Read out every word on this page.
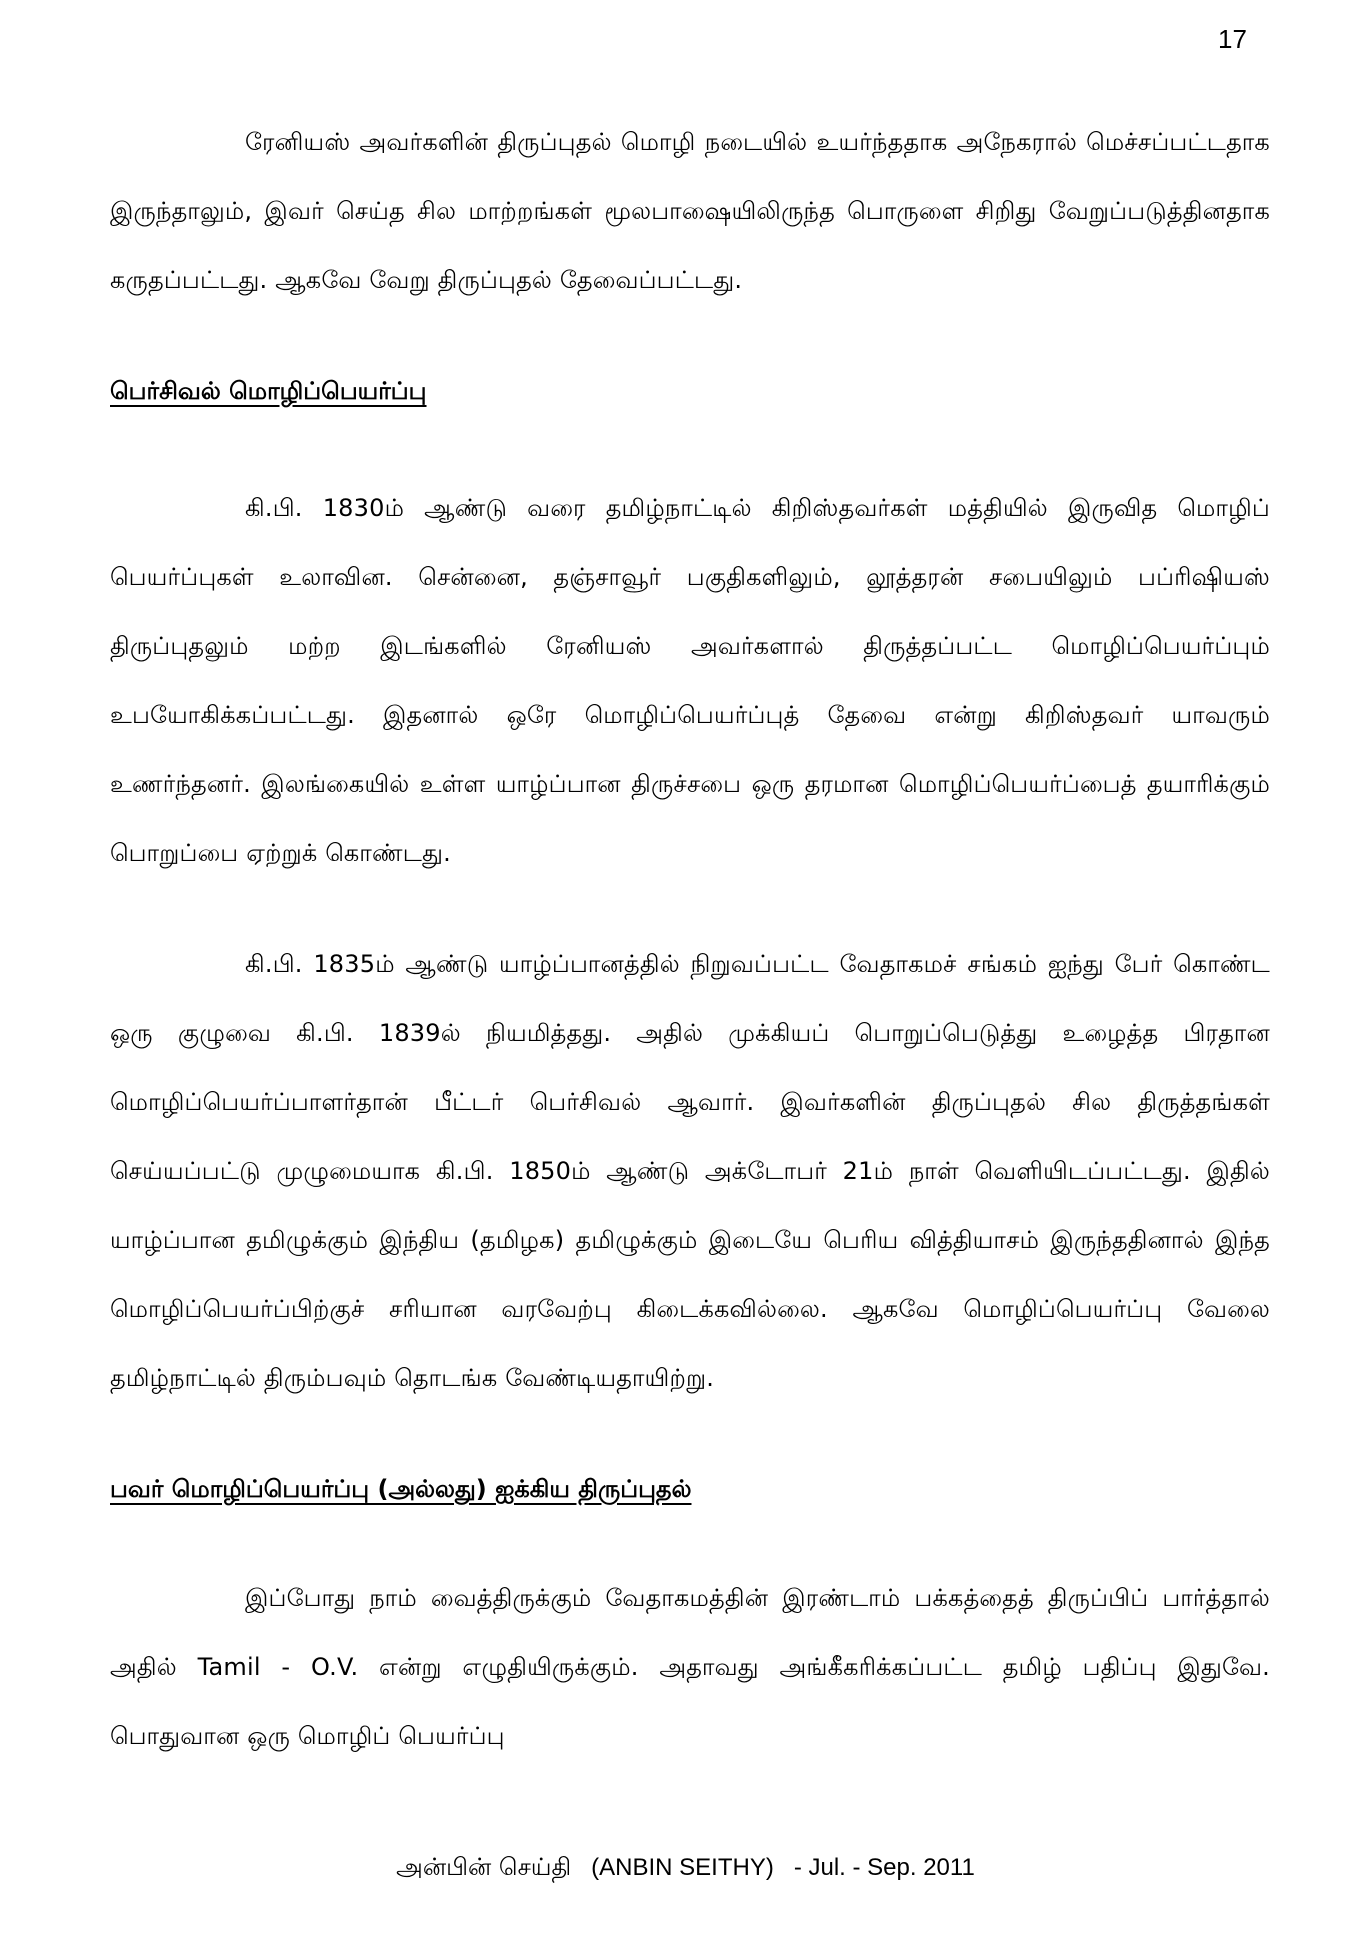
17

ரேனியஸ் அவர்களின் திருப்புதல் மொழி நடையில் உயர்ந்ததாக அநேகரால் மெச்சப்பட்டதாக இருந்தாலும், இவர் செய்த சில மாற்றங்கள் மூலபாஷையிலிருந்த பொருளை சிறிது வேறுப்படுத்தினதாக கருதப்பட்டது. ஆகவே வேறு திருப்புதல் தேவைப்பட்டது.

பெர்சிவல் மொழிப்பெயர்ப்பு

கி.பி. 1830ம் ஆண்டு வரை தமிழ்நாட்டில் கிறிஸ்தவர்கள் மத்தியில் இருவித மொழிப் பெயர்ப்புகள் உலாவின. சென்னை, தஞ்சாவூர் பகுதிகளிலும், லூத்தரன் சபையிலும் பப்ரிஷியஸ் திருப்புதலும் மற்ற இடங்களில் ரேனியஸ் அவர்களால் திருத்தப்பட்ட மொழிப்பெயர்ப்பும் உபயோகிக்கப்பட்டது. இதனால் ஒரே மொழிப்பெயர்ப்புத் தேவை என்று கிறிஸ்தவர் யாவரும் உணர்ந்தனர். இலங்கையில் உள்ள யாழ்ப்பான திருச்சபை ஒரு தரமான மொழிப்பெயர்ப்பைத் தயாரிக்கும் பொறுப்பை ஏற்றுக் கொண்டது.

கி.பி. 1835ம் ஆண்டு யாழ்ப்பானத்தில் நிறுவப்பட்ட வேதாகமச் சங்கம் ஐந்து பேர் கொண்ட ஒரு குழுவை கி.பி. 1839ல் நியமித்தது. அதில் முக்கியப் பொறுப்பெடுத்து உழைத்த பிரதான மொழிப்பெயர்ப்பாளர்தான் பீட்டர் பெர்சிவல் ஆவார். இவர்களின் திருப்புதல் சில திருத்தங்கள் செய்யப்பட்டு முழுமையாக கி.பி. 1850ம் ஆண்டு அக்டோபர் 21ம் நாள் வெளியிடப்பட்டது. இதில் யாழ்ப்பான தமிழுக்கும் இந்திய (தமிழக) தமிழுக்கும் இடையே பெரிய வித்தியாசம் இருந்ததினால் இந்த மொழிப்பெயர்ப்பிற்குச் சரியான வரவேற்பு கிடைக்கவில்லை. ஆகவே மொழிப்பெயர்ப்பு வேலை தமிழ்நாட்டில் திரும்பவும் தொடங்க வேண்டியதாயிற்று.

பவர் மொழிப்பெயர்ப்பு (அல்லது) ஐக்கிய திருப்புதல்

இப்போது நாம் வைத்திருக்கும் வேதாகமத்தின் இரண்டாம் பக்கத்தைத் திருப்பிப் பார்த்தால் அதில் Tamil - O.V. என்று எழுதியிருக்கும். அதாவது அங்கீகரிக்கப்பட்ட தமிழ் பதிப்பு இதுவே. பொதுவான ஒரு மொழிப் பெயர்ப்பு

அன்பின் செய்தி   (ANBIN SEITHY)   - Jul. - Sep. 2011
